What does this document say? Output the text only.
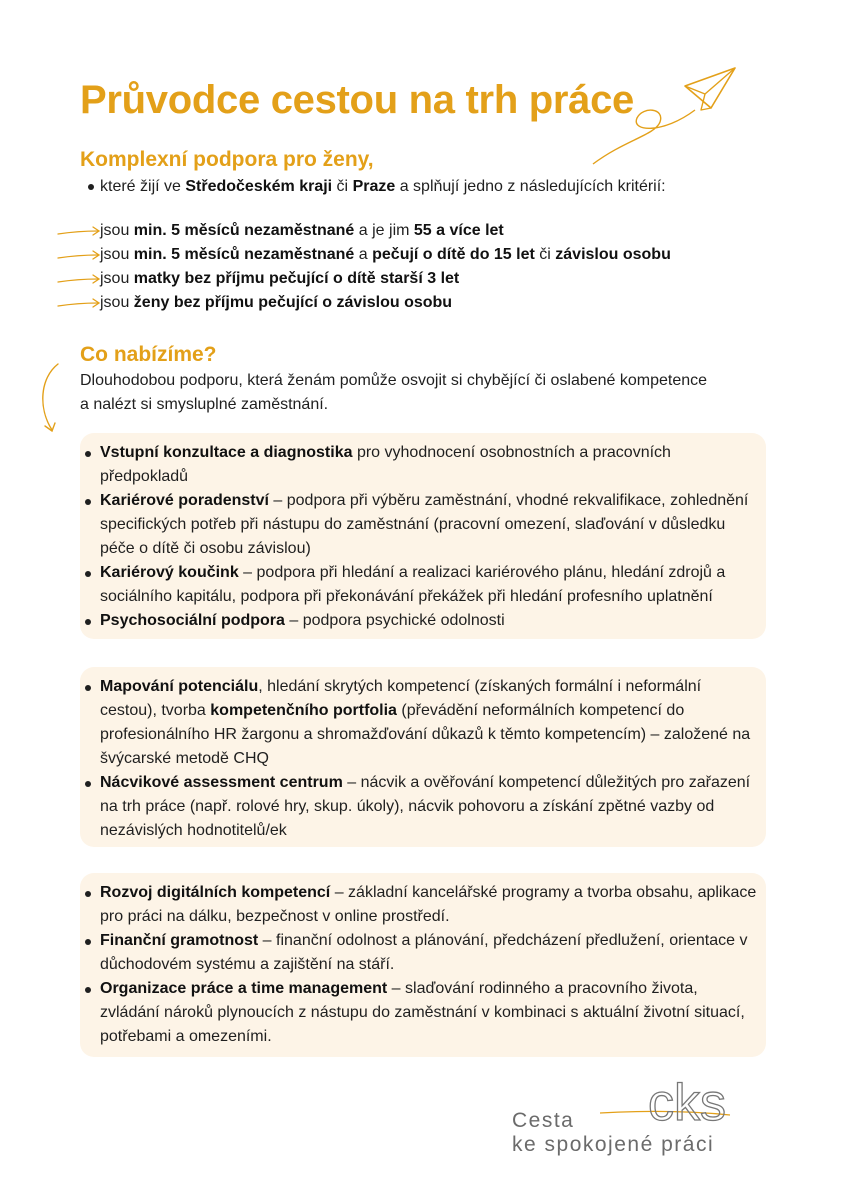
Průvodce cestou na trh práce
Komplexní podpora pro ženy,
které žijí ve Středočeském kraji či Praze a splňují jedno z následujících kritérií:
jsou min. 5 měsíců nezaměstnané a je jim 55 a více let
jsou min. 5 měsíců nezaměstnané a pečují o dítě do 15 let či závislou osobu
jsou matky bez příjmu pečující o dítě starší 3 let
jsou ženy bez příjmu pečující o závislou osobu
Co nabízíme?
Dlouhodobou podporu, která ženám pomůže osvojit si chybějící či oslabené kompetence
a nalézt si smysluplné zaměstnání.
Vstupní konzultace a diagnostika pro vyhodnocení osobnostních a pracovních předpokladů
Kariérové poradenství – podpora při výběru zaměstnání, vhodné rekvalifikace, zohlednění specifických potřeb při nástupu do zaměstnání (pracovní omezení, slaďování v důsledku péče o dítě či osobu závislou)
Kariérový koučink – podpora při hledání a realizaci kariérového plánu, hledání zdrojů a sociálního kapitálu, podpora při překonávání překážek při hledání profesního uplatnění
Psychosociální podpora – podpora psychické odolnosti
Mapování potenciálu, hledání skrytých kompetencí (získaných formální i neformální cestou), tvorba kompetenčního portfolia (převádění neformálních kompetencí do profesionálního HR žargonu a shromažďování důkazů k těmto kompetencím) – založené na švýcarské metodě CHQ
Nácvikové assessment centrum – nácvik a ověřování kompetencí důležitých pro zařazení na trh práce (např. rolové hry, skup. úkoly), nácvik pohovoru a získání zpětné vazby od nezávislých hodnotitelů/ek
Rozvoj digitálních kompetencí – základní kancelářské programy a tvorba obsahu, aplikace pro práci na dálku, bezpečnost v online prostředí.
Finanční gramotnost – finanční odolnost a plánování, předcházení předlužení, orientace v důchodovém systému a zajištění na stáří.
Organizace práce a time management – slaďování rodinného a pracovního života, zvládání nároků plynoucích z nástupu do zaměstnání v kombinaci s aktuální životní situací, potřebami a omezeními.
cks
Cesta
ke spokojené práci
